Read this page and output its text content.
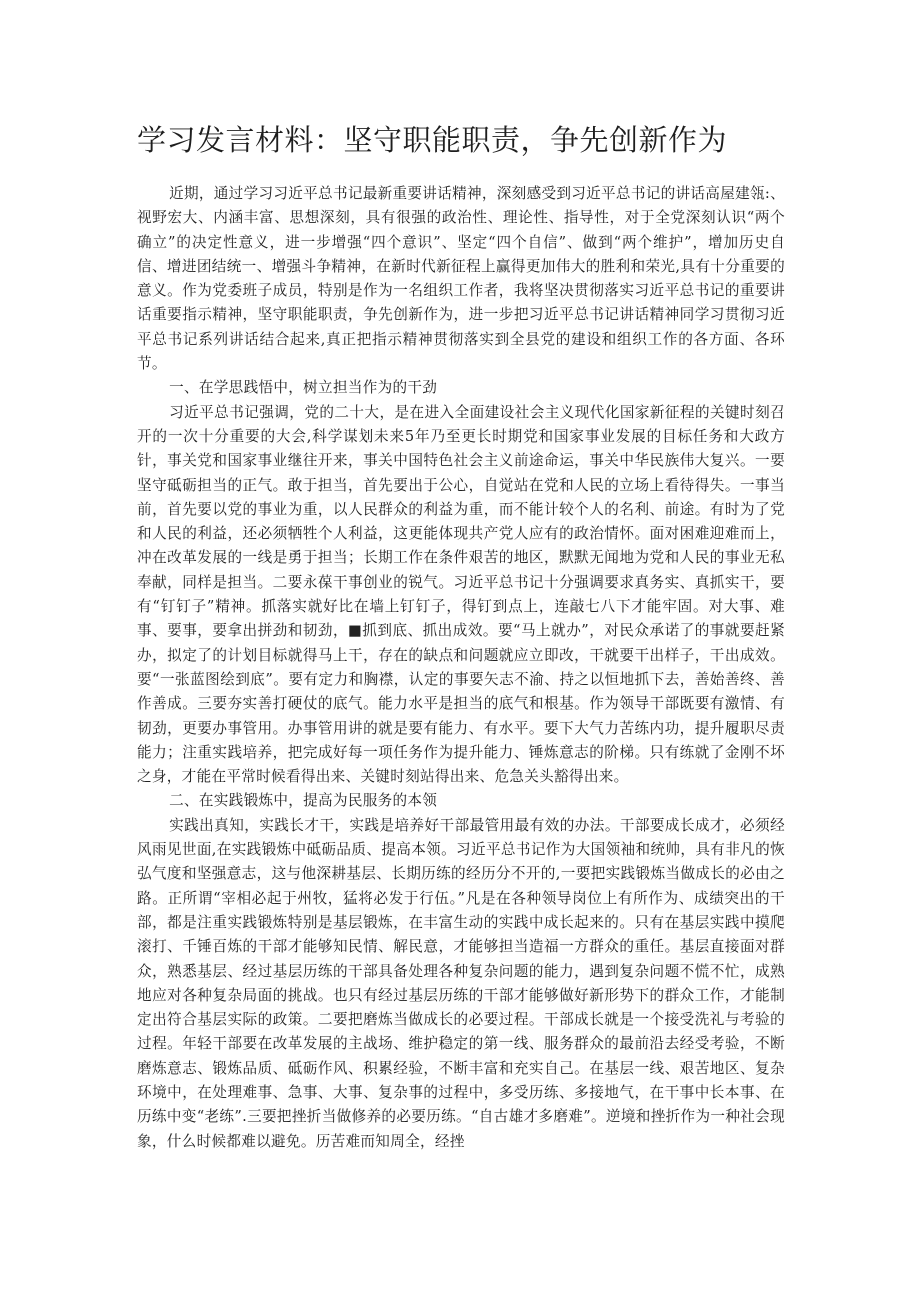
学习发言材料：坚守职能职责，争先创新作为

近期，通过学习习近平总书记最新重要讲话精神，深刻感受到习近平总书记的讲话高屋建瓴:、视野宏大、内涵丰富、思想深刻，具有很强的政治性、理论性、指导性，对于全党深刻认识“两个确立”的决定性意义，进一步增强“四个意识”、坚定“四个自信”、做到“两个维护”，增加历史自信、增进团结统一、增强斗争精神，在新时代新征程上赢得更加伟大的胜利和荣光,具有十分重要的意义。作为党委班子成员，特别是作为一名组织工作者，我将坚决贯彻落实习近平总书记的重要讲话重要指示精神，坚守职能职责，争先创新作为，进一步把习近平总书记讲话精神同学习贯彻习近平总书记系列讲话结合起来,真正把指示精神贯彻落实到全县党的建设和组织工作的各方面、各环节。

一、在学思践悟中，树立担当作为的干劲

习近平总书记强调，党的二十大，是在进入全面建设社会主义现代化国家新征程的关键时刻召开的一次十分重要的大会,科学谋划未来5年乃至更长时期党和国家事业发展的目标任务和大政方针，事关党和国家事业继往开来，事关中国特色社会主义前途命运，事关中华民族伟大复兴。一要坚守砥砺担当的正气。敢于担当，首先要出于公心，自觉站在党和人民的立场上看待得失。一事当前，首先要以党的事业为重，以人民群众的利益为重，而不能计较个人的名利、前途。有时为了党和人民的利益，还必须牺牲个人利益，这更能体现共产党人应有的政治情怀。面对困难迎难而上，冲在改革发展的一线是勇于担当；长期工作在条件艰苦的地区，默默无闻地为党和人民的事业无私奉献，同样是担当。二要永葆干事创业的锐气。习近平总书记十分强调要求真务实、真抓实干，要有“钉钉子”精神。抓落实就好比在墙上钉钉子，得钉到点上，连敲七八下才能牢固。对大事、难事、要事，要拿出拼劲和韧劲，■抓到底、抓出成效。要“马上就办”，对民众承诺了的事就要赶紧办，拟定了的计划目标就得马上干，存在的缺点和问题就应立即改，干就要干出样子，干出成效。要“一张蓝图绘到底”。要有定力和胸襟，认定的事要矢志不渝、持之以恒地抓下去，善始善终、善作善成。三要夯实善打硬仗的底气。能力水平是担当的底气和根基。作为领导干部既要有激情、有韧劲，更要办事管用。办事管用讲的就是要有能力、有水平。要下大气力苦练内功，提升履职尽责能力；注重实践培养，把完成好每一项任务作为提升能力、锤炼意志的阶梯。只有练就了金刚不坏之身，才能在平常时候看得出来、关键时刻站得出来、危急关头豁得出来。

二、在实践锻炼中，提高为民服务的本领

实践出真知，实践长才干，实践是培养好干部最管用最有效的办法。干部要成长成才，必须经风雨见世面,在实践锻炼中砥砺品质、提高本领。习近平总书记作为大国领袖和统帅，具有非凡的恢弘气度和坚强意志，这与他深耕基层、长期历练的经历分不开的,一要把实践锻炼当做成长的必由之路。正所谓“宰相必起于州牧，猛将必发于行伍。”凡是在各种领导岗位上有所作为、成绩突出的干部，都是注重实践锻炼特别是基层锻炼，在丰富生动的实践中成长起来的。只有在基层实践中摸爬滚打、千锤百炼的干部才能够知民情、解民意，才能够担当造福一方群众的重任。基层直接面对群众，熟悉基层、经过基层历练的干部具备处理各种复杂问题的能力，遇到复杂问题不慌不忙，成熟地应对各种复杂局面的挑战。也只有经过基层历练的干部才能够做好新形势下的群众工作，才能制定出符合基层实际的政策。二要把磨炼当做成长的必要过程。干部成长就是一个接受洗礼与考验的过程。年轻干部要在改革发展的主战场、维护稳定的第一线、服务群众的最前沿去经受考验，不断磨炼意志、锻炼品质、砥砺作风、积累经验，不断丰富和充实自己。在基层一线、艰苦地区、复杂环境中，在处理难事、急事、大事、复杂事的过程中，多受历练、多接地气，在干事中长本事、在历练中变“老练”.三要把挫折当做修养的必要历练。“自古雄才多磨难”。逆境和挫折作为一种社会现象，什么时候都难以避免。历苦难而知周全，经挫
